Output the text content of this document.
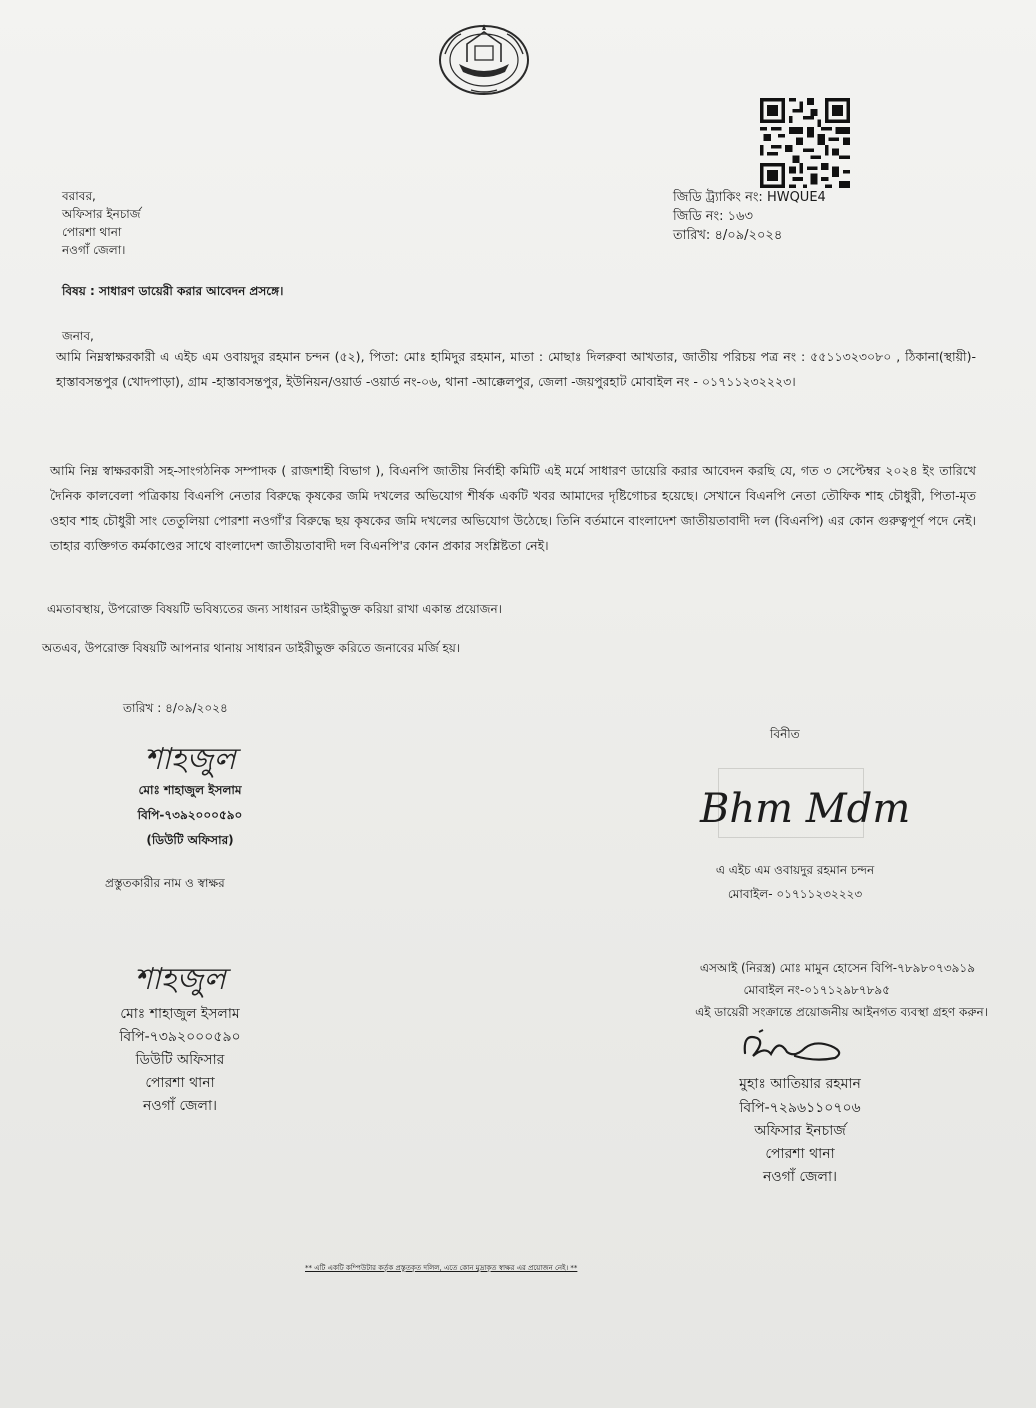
বরাবর,

অফিসার ইনচার্জ

পোরশা থানা

নওগাঁ জেলা।

জিডি ট্র্যাকিং নং: HWQUE4

জিডি নং: ১৬৩

তারিখ: ৪/০৯/২০২৪

বিষয় : সাধারণ ডায়েরী করার আবেদন প্রসঙ্গে।

জনাব,

আমি নিম্নস্বাক্ষরকারী এ এইচ এম ওবায়দুর রহমান চন্দন (৫২), পিতা: মোঃ হামিদুর রহমান, মাতা : মোছাঃ দিলরুবা আখতার, জাতীয় পরিচয় পত্র নং : ৫৫১১৩২৩০৮০ , ঠিকানা(স্থায়ী)-হাস্তাবসন্তপুর (খোদপাড়া), গ্রাম -হাস্তাবসন্তপুর, ইউনিয়ন/ওয়ার্ড -ওয়ার্ড নং-০৬, থানা -আক্কেলপুর, জেলা -জয়পুরহাট মোবাইল নং - ০১৭১১২৩২২২৩।

আমি নিম্ন স্বাক্ষরকারী সহ-সাংগঠনিক সম্পাদক ( রাজশাহী বিভাগ ), বিএনপি জাতীয় নির্বাহী কমিটি এই মর্মে সাধারণ ডায়েরি করার আবেদন করছি যে, গত ৩ সেপ্টেম্বর ২০২৪ ইং তারিখে দৈনিক কালবেলা পত্রিকায় বিএনপি নেতার বিরুদ্ধে কৃষকের জমি দখলের অভিযোগ শীর্ষক একটি খবর আমাদের দৃষ্টিগোচর হয়েছে। সেখানে বিএনপি নেতা তৌফিক শাহ চৌধুরী, পিতা-মৃত ওহাব শাহ চৌধুরী সাং তেতুলিয়া পোরশা নওগাঁ'র বিরুদ্ধে ছয় কৃষকের জমি দখলের অভিযোগ উঠেছে। তিনি বর্তমানে বাংলাদেশ জাতীয়তাবাদী দল (বিএনপি) এর কোন গুরুত্বপূর্ণ পদে নেই। তাহার ব্যক্তিগত কর্মকাণ্ডের সাথে বাংলাদেশ জাতীয়তাবাদী দল বিএনপি'র কোন প্রকার সংশ্লিষ্টতা নেই।

এমতাবস্থায়, উপরোক্ত বিষয়টি ভবিষ্যতের জন্য সাধারন ডাইরীভুক্ত করিয়া রাখা একান্ত প্রয়োজন।

অতএব, উপরোক্ত বিষয়টি আপনার থানায় সাধারন ডাইরীভুক্ত করিতে জনাবের মর্জি হয়।

তারিখ : ৪/০৯/২০২৪

শাহজুল

মোঃ শাহাজুল ইসলাম

বিপি-৭৩৯২০০০৫৯০

(ডিউটি অফিসার)

প্রস্তুতকারীর নাম ও স্বাক্ষর

বিনীত

Bhm Mdm

এ এইচ এম ওবায়দুর রহমান চন্দন

মোবাইল- ০১৭১১২৩২২২৩

এসআই (নিরস্ত্র) মোঃ মামুন হোসেন বিপি-৭৮৯৮০৭৩৯১৯

মোবাইল নং-০১৭১২৯৮৭৮৯৫

এই ডায়েরী সংক্রান্তে প্রয়োজনীয় আইনগত ব্যবস্থা গ্রহণ করুন।

শাহজুল

মোঃ শাহাজুল ইসলাম

বিপি-৭৩৯২০০০৫৯০

ডিউটি অফিসার

পোরশা থানা

নওগাঁ জেলা।

মুহাঃ আতিয়ার রহমান

বিপি-৭২৯৬১১০৭০৬

অফিসার ইনচার্জ

পোরশা থানা

নওগাঁ জেলা।

** এটি একটি কম্পিউটার কর্তৃক প্রস্তুতকৃত দলিল, এতে কোন মুদ্রাকৃত স্বাক্ষর এর প্রয়োজন নেই। **
